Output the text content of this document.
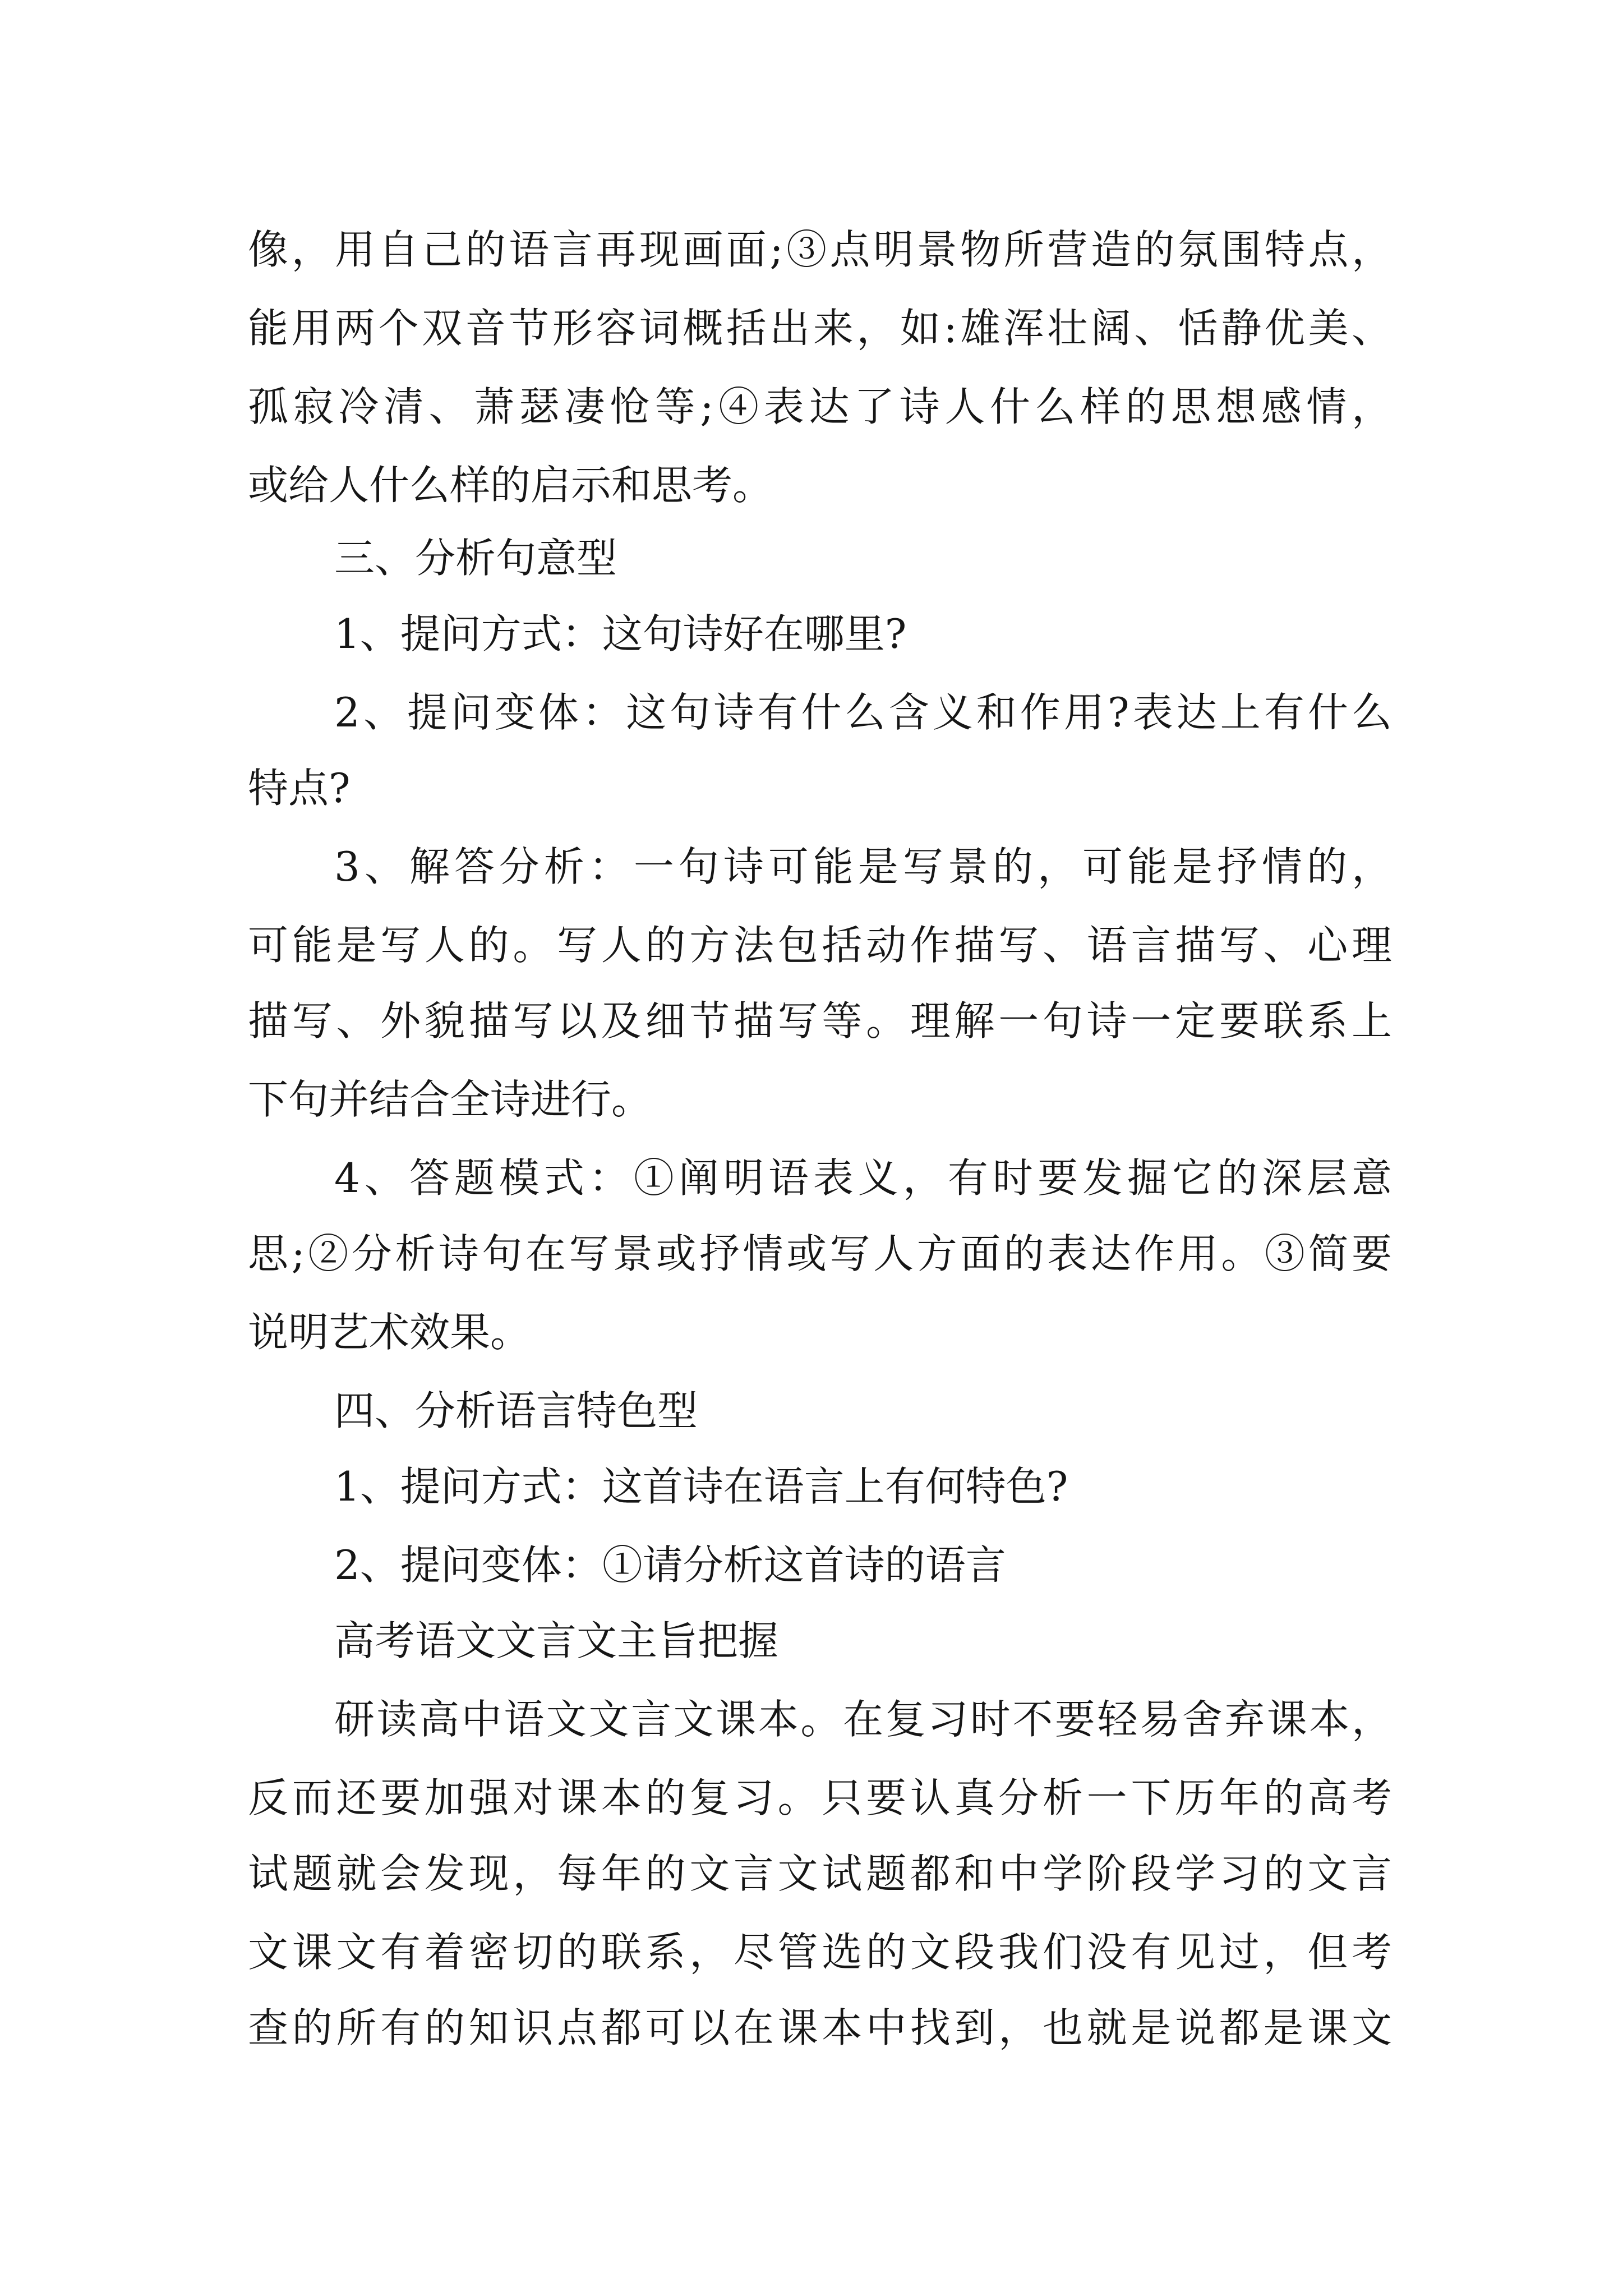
像，用自己的语言再现画面;③点明景物所营造的氛围特点，
能用两个双音节形容词概括出来，如:雄浑壮阔、恬静优美、
孤寂冷清、萧瑟凄怆等;④表达了诗人什么样的思想感情，
或给人什么样的启示和思考。
三、分析句意型
1、提问方式：这句诗好在哪里?
2、提问变体：这句诗有什么含义和作用?表达上有什么
特点?
3、解答分析：一句诗可能是写景的，可能是抒情的，
可能是写人的。写人的方法包括动作描写、语言描写、心理
描写、外貌描写以及细节描写等。理解一句诗一定要联系上
下句并结合全诗进行。
4、答题模式：①阐明语表义，有时要发掘它的深层意
思;②分析诗句在写景或抒情或写人方面的表达作用。③简要
说明艺术效果。
四、分析语言特色型
1、提问方式：这首诗在语言上有何特色?
2、提问变体：①请分析这首诗的语言
高考语文文言文主旨把握
研读高中语文文言文课本。在复习时不要轻易舍弃课本，
反而还要加强对课本的复习。只要认真分析一下历年的高考
试题就会发现，每年的文言文试题都和中学阶段学习的文言
文课文有着密切的联系，尽管选的文段我们没有见过，但考
查的所有的知识点都可以在课本中找到，也就是说都是课文
